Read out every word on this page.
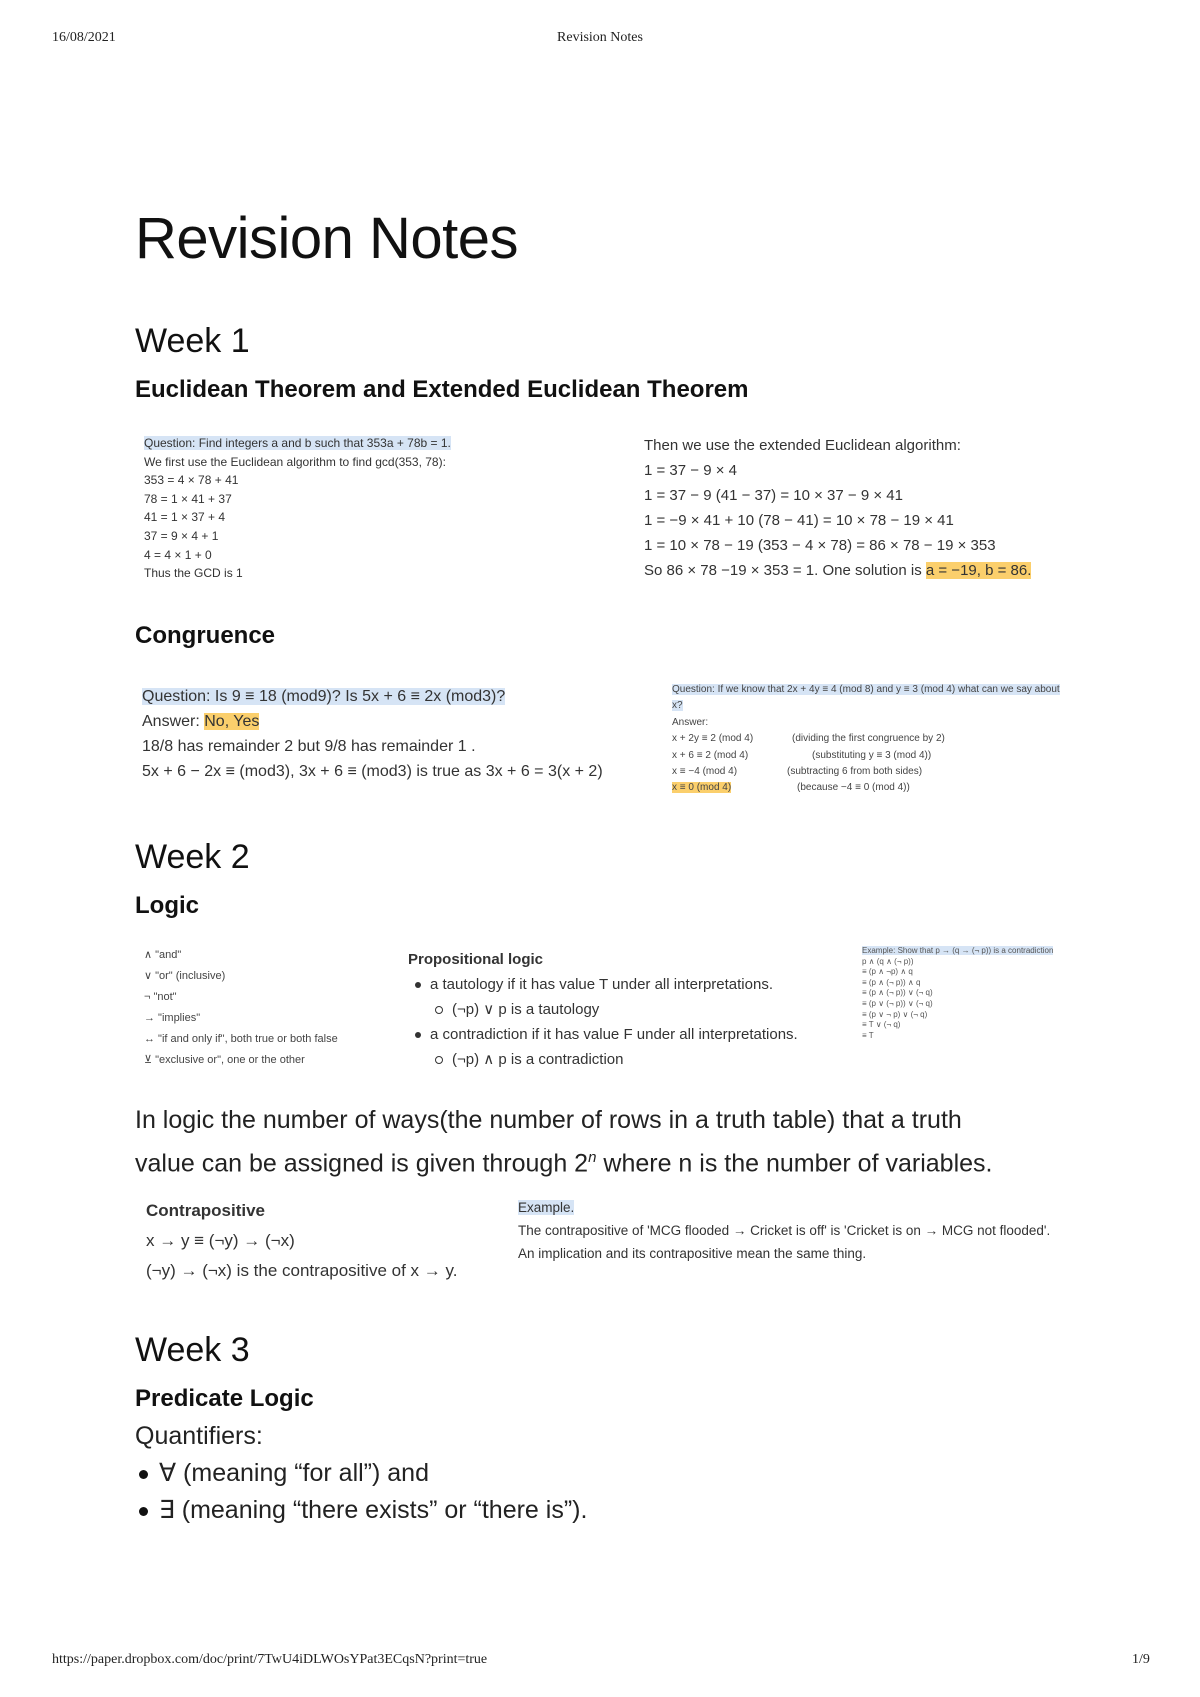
16/08/2021	Revision Notes
https://paper.dropbox.com/doc/print/7TwU4iDLWOsYPat3ECqsN?print=true	1/9
Revision Notes
Week 1
Euclidean Theorem and Extended Euclidean Theorem
Question: Find integers a and b such that 353a + 78b = 1.
We first use the Euclidean algorithm to find gcd(353, 78):
353 = 4 × 78 + 41
78 = 1 × 41 + 37
41 = 1 × 37 + 4
37 = 9 × 4 + 1
4 = 4 × 1 + 0
Thus the GCD is 1
Then we use the extended Euclidean algorithm:
1 = 37 − 9 × 4
1 = 37 − 9 (41 − 37) = 10 × 37 − 9 × 41
1 = −9 × 41 + 10 (78 − 41) = 10 × 78 − 19 × 41
1 = 10 × 78 − 19 (353 − 4 × 78) = 86 × 78 − 19 × 353
So 86 × 78 −19 × 353 = 1. One solution is a = −19, b = 86.
Congruence
Question: Is 9 ≡ 18 (mod9)? Is 5x + 6 ≡ 2x (mod3)?
Answer: No, Yes
18/8 has remainder 2 but 9/8 has remainder 1 .
5x + 6 − 2x ≡ (mod3), 3x + 6 ≡ (mod3) is true as 3x + 6 = 3(x + 2)
Question: If we know that 2x + 4y ≡ 4 (mod 8) and y ≡ 3 (mod 4) what can we say about x?
Answer:
x + 2y ≡ 2 (mod 4)	(dividing the first congruence by 2)
x + 6 ≡ 2 (mod 4)	(substituting y ≡ 3 (mod 4))
x ≡ −4 (mod 4)	(subtracting 6 from both sides)
x ≡ 0 (mod 4)	(because −4 ≡ 0 (mod 4))
Week 2
Logic
∧ "and"
∨ "or" (inclusive)
¬ "not"
→ "implies"
↔ "if and only if", both true or both false
⊻ "exclusive or", one or the other
Propositional logic
a tautology if it has value T under all interpretations.
(¬p) ∨ p is a tautology
a contradiction if it has value F under all interpretations.
(¬p) ∧ p is a contradiction
Example: Show that p → (q → (¬ p)) is a contradiction
p ∧ (q ∧ (¬ p))
≡ (p ∧ ¬p) ∧ q
≡ (p ∧ (¬ p)) ∧ q
≡ (p ∧ (¬ p)) ∨ (¬ q)
≡ (p ∨ (¬ p)) ∨ (¬ q)
≡ (p ∨ ¬ p) ∨ (¬ q)
≡ T ∨ (¬ q)
≡ T
In logic the number of ways(the number of rows in a truth table) that a truth
value can be assigned is given through 2$^n$ where n is the number of variables.
Contrapositive
x → y ≡ (¬y) → (¬x)
(¬y) → (¬x) is the contrapositive of x → y.
Example.
The contrapositive of 'MCG flooded → Cricket is off' is 'Cricket is on → MCG not flooded'.
An implication and its contrapositive mean the same thing.
Week 3
Predicate Logic
Quantifiers:
∀ (meaning “for all”) and
∃ (meaning “there exists” or “there is”).
